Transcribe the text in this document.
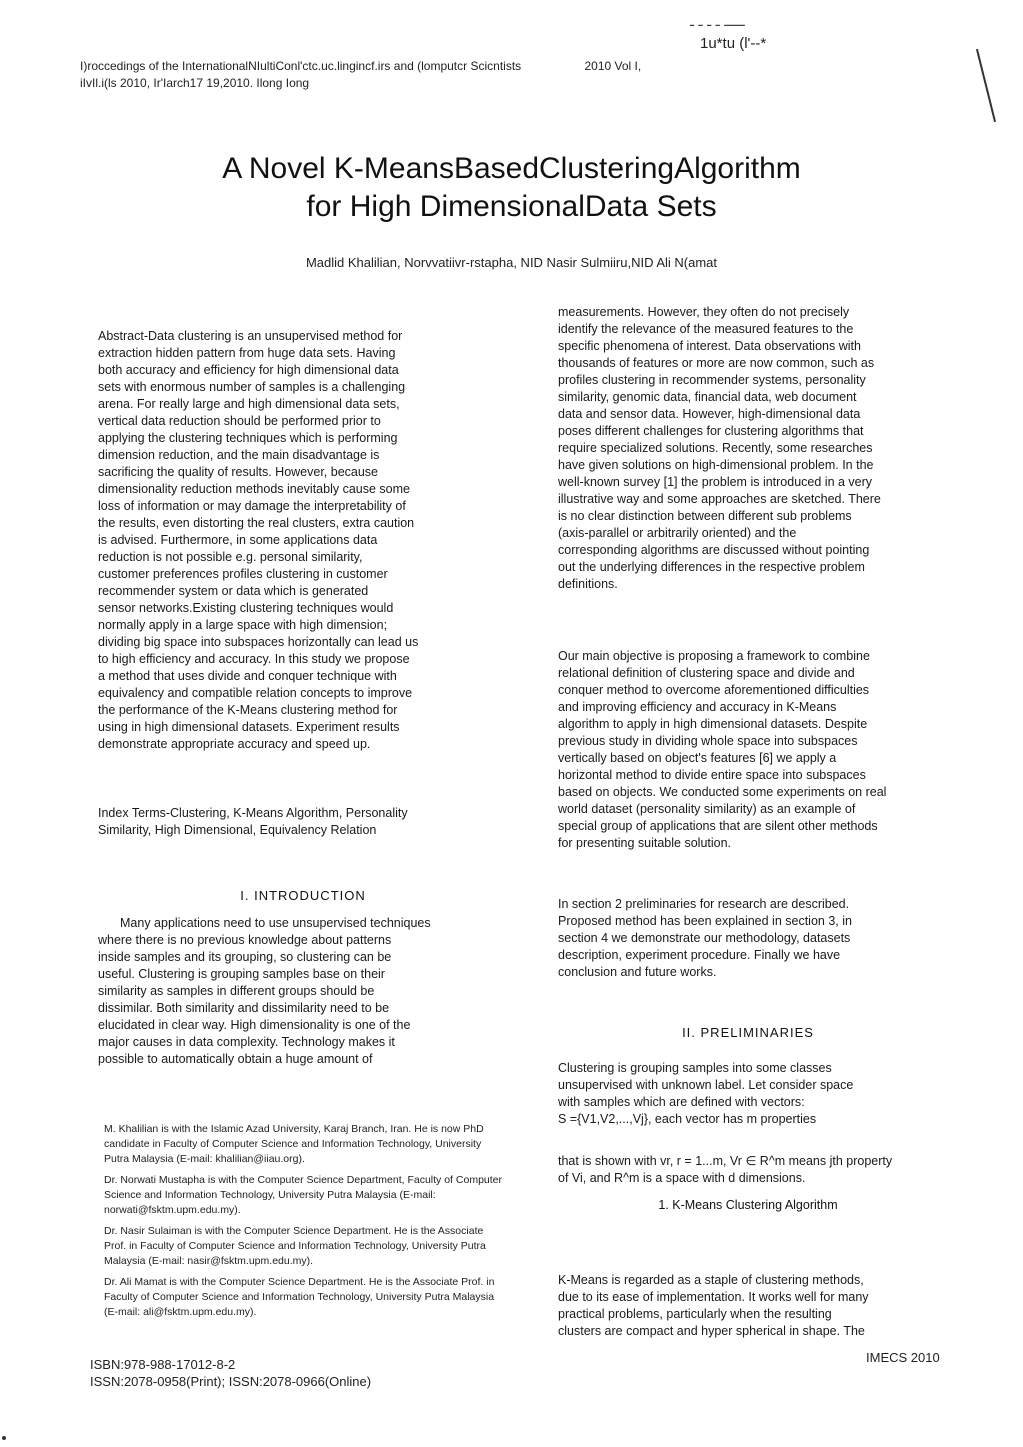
ـــــ ـ ـ ـ ـ
1u*tu (l'--*
I)roccedings of the InternationalNIultiConl'ctc.uc.lingincf.irs and (lomputcr Scicntists	2010 Vol I,
iIvIl.i(ls 2010, Ir'Iarch17 19,2010. Ilong Iong
A Novel K-MeansBasedClusteringAlgorithm
for High DimensionalData Sets
Madlid Khalilian, Norvvatiivr-rstapha, NID Nasir Sulmiiru,NID Ali N(amat

Abstract-Data clustering is an unsupervised method for

extraction hidden pattern from huge data sets. Having

both accuracy and efficiency for high dimensional data

sets with enormous number of samples is a challenging

arena. For really large and high dimensional data sets,

vertical data reduction should be performed prior to

applying the clustering techniques which is performing

dimension reduction, and the main disadvantage is

sacrificing the quality of results. However, because

dimensionality reduction methods inevitably cause some

loss of information or may damage the interpretability of

the results, even distorting the real clusters, extra caution

is advised. Furthermore, in some applications data

reduction is not possible e.g. personal similarity,

customer preferences profiles clustering in customer

recommender system or data which is generated

sensor networks.Existing clustering techniques would

normally apply in a large space with high dimension;

dividing big space into subspaces horizontally can lead us

to high efficiency and accuracy. In this study we propose

a method that uses divide and conquer technique with

equivalency and compatible relation concepts to improve

the performance of the K-Means clustering method for

using in high dimensional datasets. Experiment results

demonstrate appropriate accuracy and speed up.

Index Terms-Clustering, K-Means Algorithm, Personality

Similarity, High Dimensional, Equivalency Relation

I. INTRODUCTION

Many applications need to use unsupervised techniques

where there is no previous knowledge about patterns

inside samples and its grouping, so clustering can be

useful. Clustering is grouping samples base on their

similarity as samples in different groups should be

dissimilar. Both similarity and dissimilarity need to be

elucidated in clear way. High dimensionality is one of the

major causes in data complexity. Technology makes it

possible to automatically obtain a huge amount of

M. Khalilian is with the Islamic Azad University, Karaj Branch, Iran. He is now PhD candidate in Faculty of Computer Science and Information Technology, University Putra Malaysia (E-mail: khalilian@iiau.org).

Dr. Norwati Mustapha is with the Computer Science Department, Faculty of Computer Science and Information Technology, University Putra Malaysia (E-mail: norwati@fsktm.upm.edu.my).

Dr. Nasir Sulaiman is with the Computer Science Department. He is the Associate Prof. in Faculty of Computer Science and Information Technology, University Putra Malaysia (E-mail: nasir@fsktm.upm.edu.my).

Dr. Ali Mamat is with the Computer Science Department. He is the Associate Prof. in Faculty of Computer Science and Information Technology, University Putra Malaysia (E-mail: ali@fsktm.upm.edu.my).

measurements. However, they often do not precisely

identify the relevance of the measured features to the

specific phenomena of interest. Data observations with

thousands of features or more are now common, such as

profiles clustering in recommender systems, personality

similarity, genomic data, financial data, web document

data and sensor data. However, high-dimensional data

poses different challenges for clustering algorithms that

require specialized solutions. Recently, some researches

have given solutions on high-dimensional problem. In the

well-known survey [1] the problem is introduced in a very

illustrative way and some approaches are sketched. There

is no clear distinction between different sub problems

(axis-parallel or arbitrarily oriented) and the

corresponding algorithms are discussed without pointing

out the underlying differences in the respective problem

definitions.

Our main objective is proposing a framework to combine

relational definition of clustering space and divide and

conquer method to overcome aforementioned difficulties

and improving efficiency and accuracy in K-Means

algorithm to apply in high dimensional datasets. Despite

previous study in dividing whole space into subspaces

vertically based on object's features [6] we apply a

horizontal method to divide entire space into subspaces

based on objects. We conducted some experiments on real

world dataset (personality similarity) as an example of

special group of applications that are silent other methods

for presenting suitable solution.

In section 2 preliminaries for research are described.

Proposed method has been explained in section 3, in

section 4 we demonstrate our methodology, datasets

description, experiment procedure. Finally we have

conclusion and future works.

II. PRELIMINARIES

Clustering is grouping samples into some classes

unsupervised with unknown label. Let consider space

with samples which are defined with vectors:

S ={V1,V2,...,Vj}, each vector has m properties

that is shown with vr, r = 1...m, Vr ∈ R^m means jth property

of Vi, and R^m is a space with d dimensions.

1. K-Means Clustering Algorithm

K-Means is regarded as a staple of clustering methods,

due to its ease of implementation. It works well for many

practical problems, particularly when the resulting

clusters are compact and hyper spherical in shape. The

ISBN:978-988-17012-8-2
ISSN:2078-0958(Print); ISSN:2078-0966(Online)
IMECS 2010
